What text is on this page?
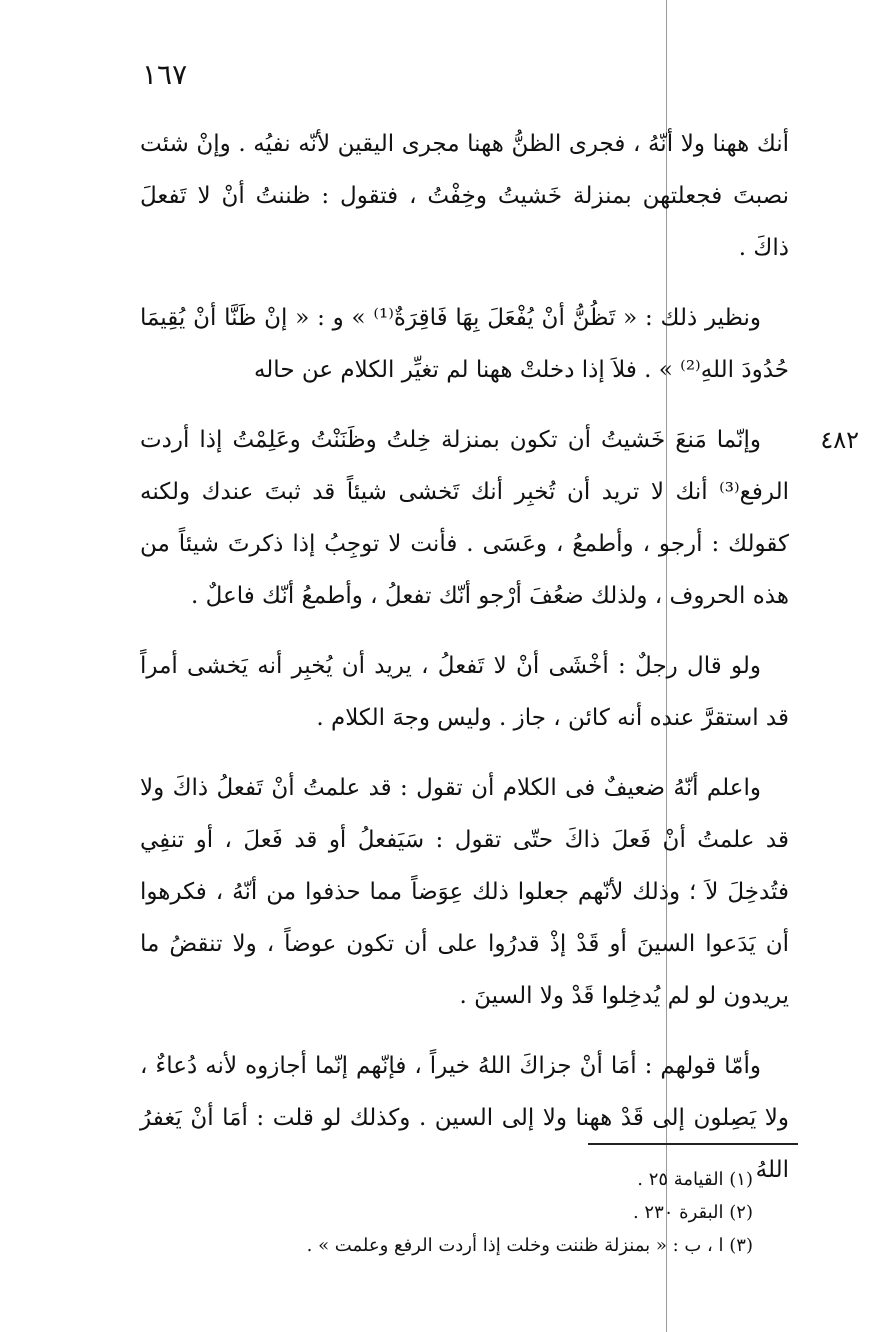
١٦٧

أنك ههنا ولا أنّهُ ، فجرى الظنُّ ههنا مجرى اليقين لأنّه نفيُه . وإنْ شئت نصبتَ فجعلتهن بمنزلة خَشيتُ وخِفْتُ ، فتقول : ظننتُ أنْ لا تَفعلَ ذاكَ .

ونظير ذلك : « تَظُنُّ أنْ يُفْعَلَ بِهَا فَاقِرَةٌ⁽¹⁾ » و : « إنْ ظَنَّا أنْ يُقِيمَا حُدُودَ اللهِ⁽²⁾ » . فلاَ إذا دخلتْ ههنا لم تغيِّر الكلام عن حاله

٤٨٢
وإنّما مَنعَ خَشيتُ أن تكون بمنزلة خِلتُ وظَنَنْتُ وعَلِمْتُ إذا أردت الرفع⁽³⁾ أنك لا تريد أن تُخبِر أنك تَخشى شيئاً قد ثبتَ عندك ولكنه كقولك : أرجو ، وأطمعُ ، وعَسَى . فأنت لا توجِبُ إذا ذكرتَ شيئاً من هذه الحروف ، ولذلك ضعُفَ أرْجو أنّك تفعلُ ، وأطمعُ أنّك فاعلٌ .

ولو قال رجلٌ : أخْشَى أنْ لا تَفعلُ ، يريد أن يُخبِر أنه يَخشى أمراً قد استقرَّ عنده أنه كائن ، جاز . وليس وجهَ الكلام .

واعلم أنّهُ ضعيفٌ فى الكلام أن تقول : قد علمتُ أنْ تَفعلُ ذاكَ ولا قد علمتُ أنْ فَعلَ ذاكَ حتّى تقول : سَيَفعلُ أو قد فَعلَ ، أو تنفِي فتُدخِلَ لاَ ؛ وذلك لأنّهم جعلوا ذلك عِوَضاً مما حذفوا من أنّهُ ، فكرهوا أن يَدَعوا السينَ أو قَدْ إذْ قدرُوا على أن تكون عوضاً ، ولا تنقضُ ما يريدون لو لم يُدخِلوا قَدْ ولا السينَ .

وأمّا قولهم : أمَا أنْ جزاكَ اللهُ خيراً ، فإنّهم إنّما أجازوه لأنه دُعاءٌ ، ولا يَصِلون إلى قَدْ ههنا ولا إلى السين . وكذلك لو قلت : أمَا أنْ يَغفرُ اللهُ

(١) القيامة ٢٥ .

(٢) البقرة ٢٣٠ .

(٣) ا ، ب : « بمنزلة ظننت وخلت إذا أردت الرفع وعلمت » .
